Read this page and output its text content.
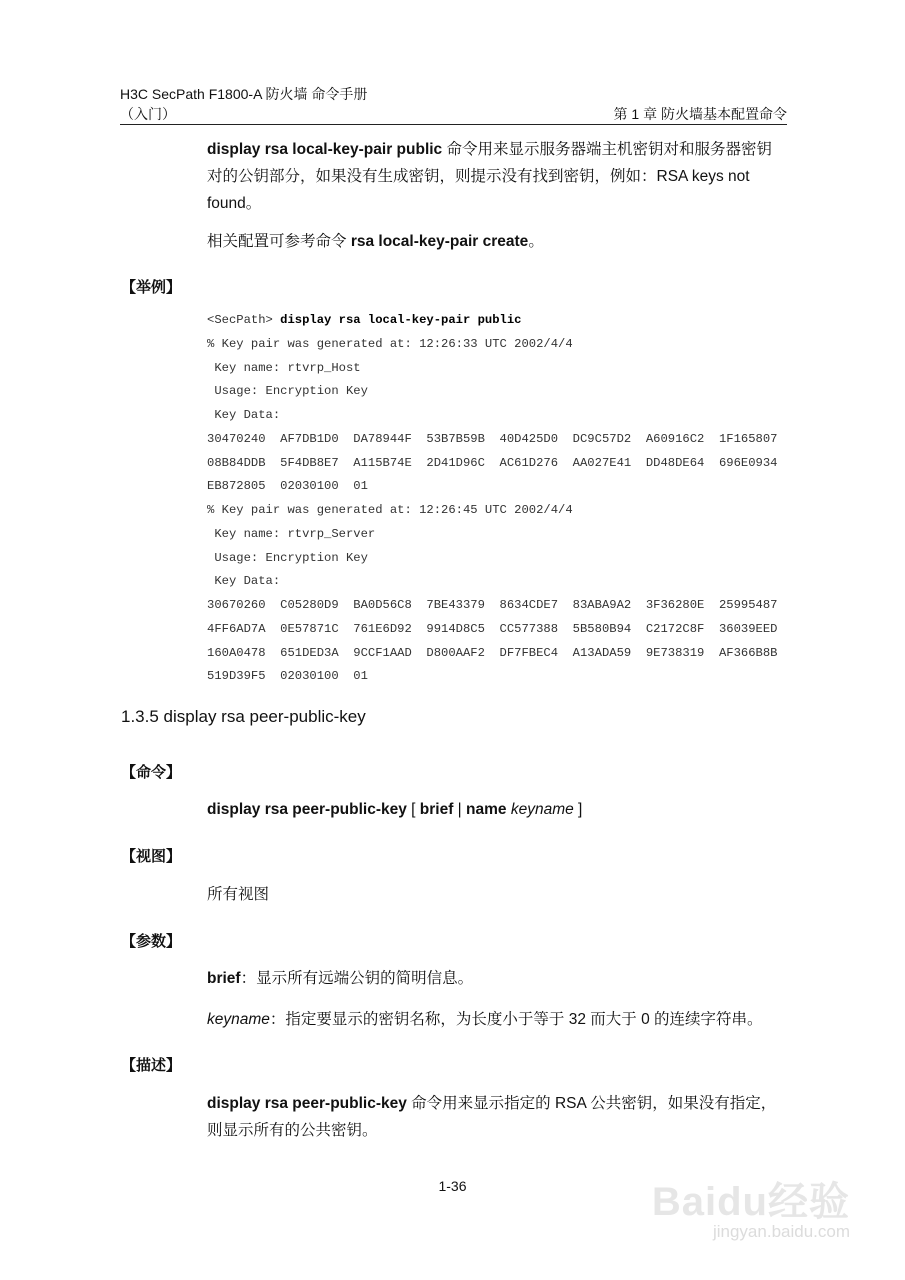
H3C SecPath F1800-A 防火墙 命令手册
（入门）	第 1 章 防火墙基本配置命令
display rsa local-key-pair public 命令用来显示服务器端主机密钥对和服务器密钥对的公钥部分，如果没有生成密钥，则提示没有找到密钥，例如：RSA keys not found。
相关配置可参考命令 rsa local-key-pair create。
【举例】
<SecPath> display rsa local-key-pair public
% Key pair was generated at: 12:26:33 UTC 2002/4/4
Key name: rtvrp_Host
Usage: Encryption Key
Key Data:
30470240  AF7DB1D0  DA78944F  53B7B59B  40D425D0  DC9C57D2  A60916C2  1F165807
08B84DDB  5F4DB8E7  A115B74E  2D41D96C  AC61D276  AA027E41  DD48DE64  696E0934
EB872805  02030100  01
% Key pair was generated at: 12:26:45 UTC 2002/4/4
Key name: rtvrp_Server
Usage: Encryption Key
Key Data:
30670260  C05280D9  BA0D56C8  7BE43379  8634CDE7  83ABA9A2  3F36280E  25995487
4FF6AD7A  0E57871C  761E6D92  9914D8C5  CC577388  5B580B94  C2172C8F  36039EED
160A0478  651DED3A  9CCF1AAD  D800AAF2  DF7FBEC4  A13ADA59  9E738319  AF366B8B
519D39F5  02030100  01
1.3.5 display rsa peer-public-key
【命令】
display rsa peer-public-key [ brief | name keyname ]
【视图】
所有视图
【参数】
brief：显示所有远端公钥的简明信息。
keyname：指定要显示的密钥名称，为长度小于等于 32 而大于 0 的连续字符串。
【描述】
display rsa peer-public-key 命令用来显示指定的 RSA 公共密钥，如果没有指定，则显示所有的公共密钥。
1-36	Baidu经验
jingyan.baidu.com
